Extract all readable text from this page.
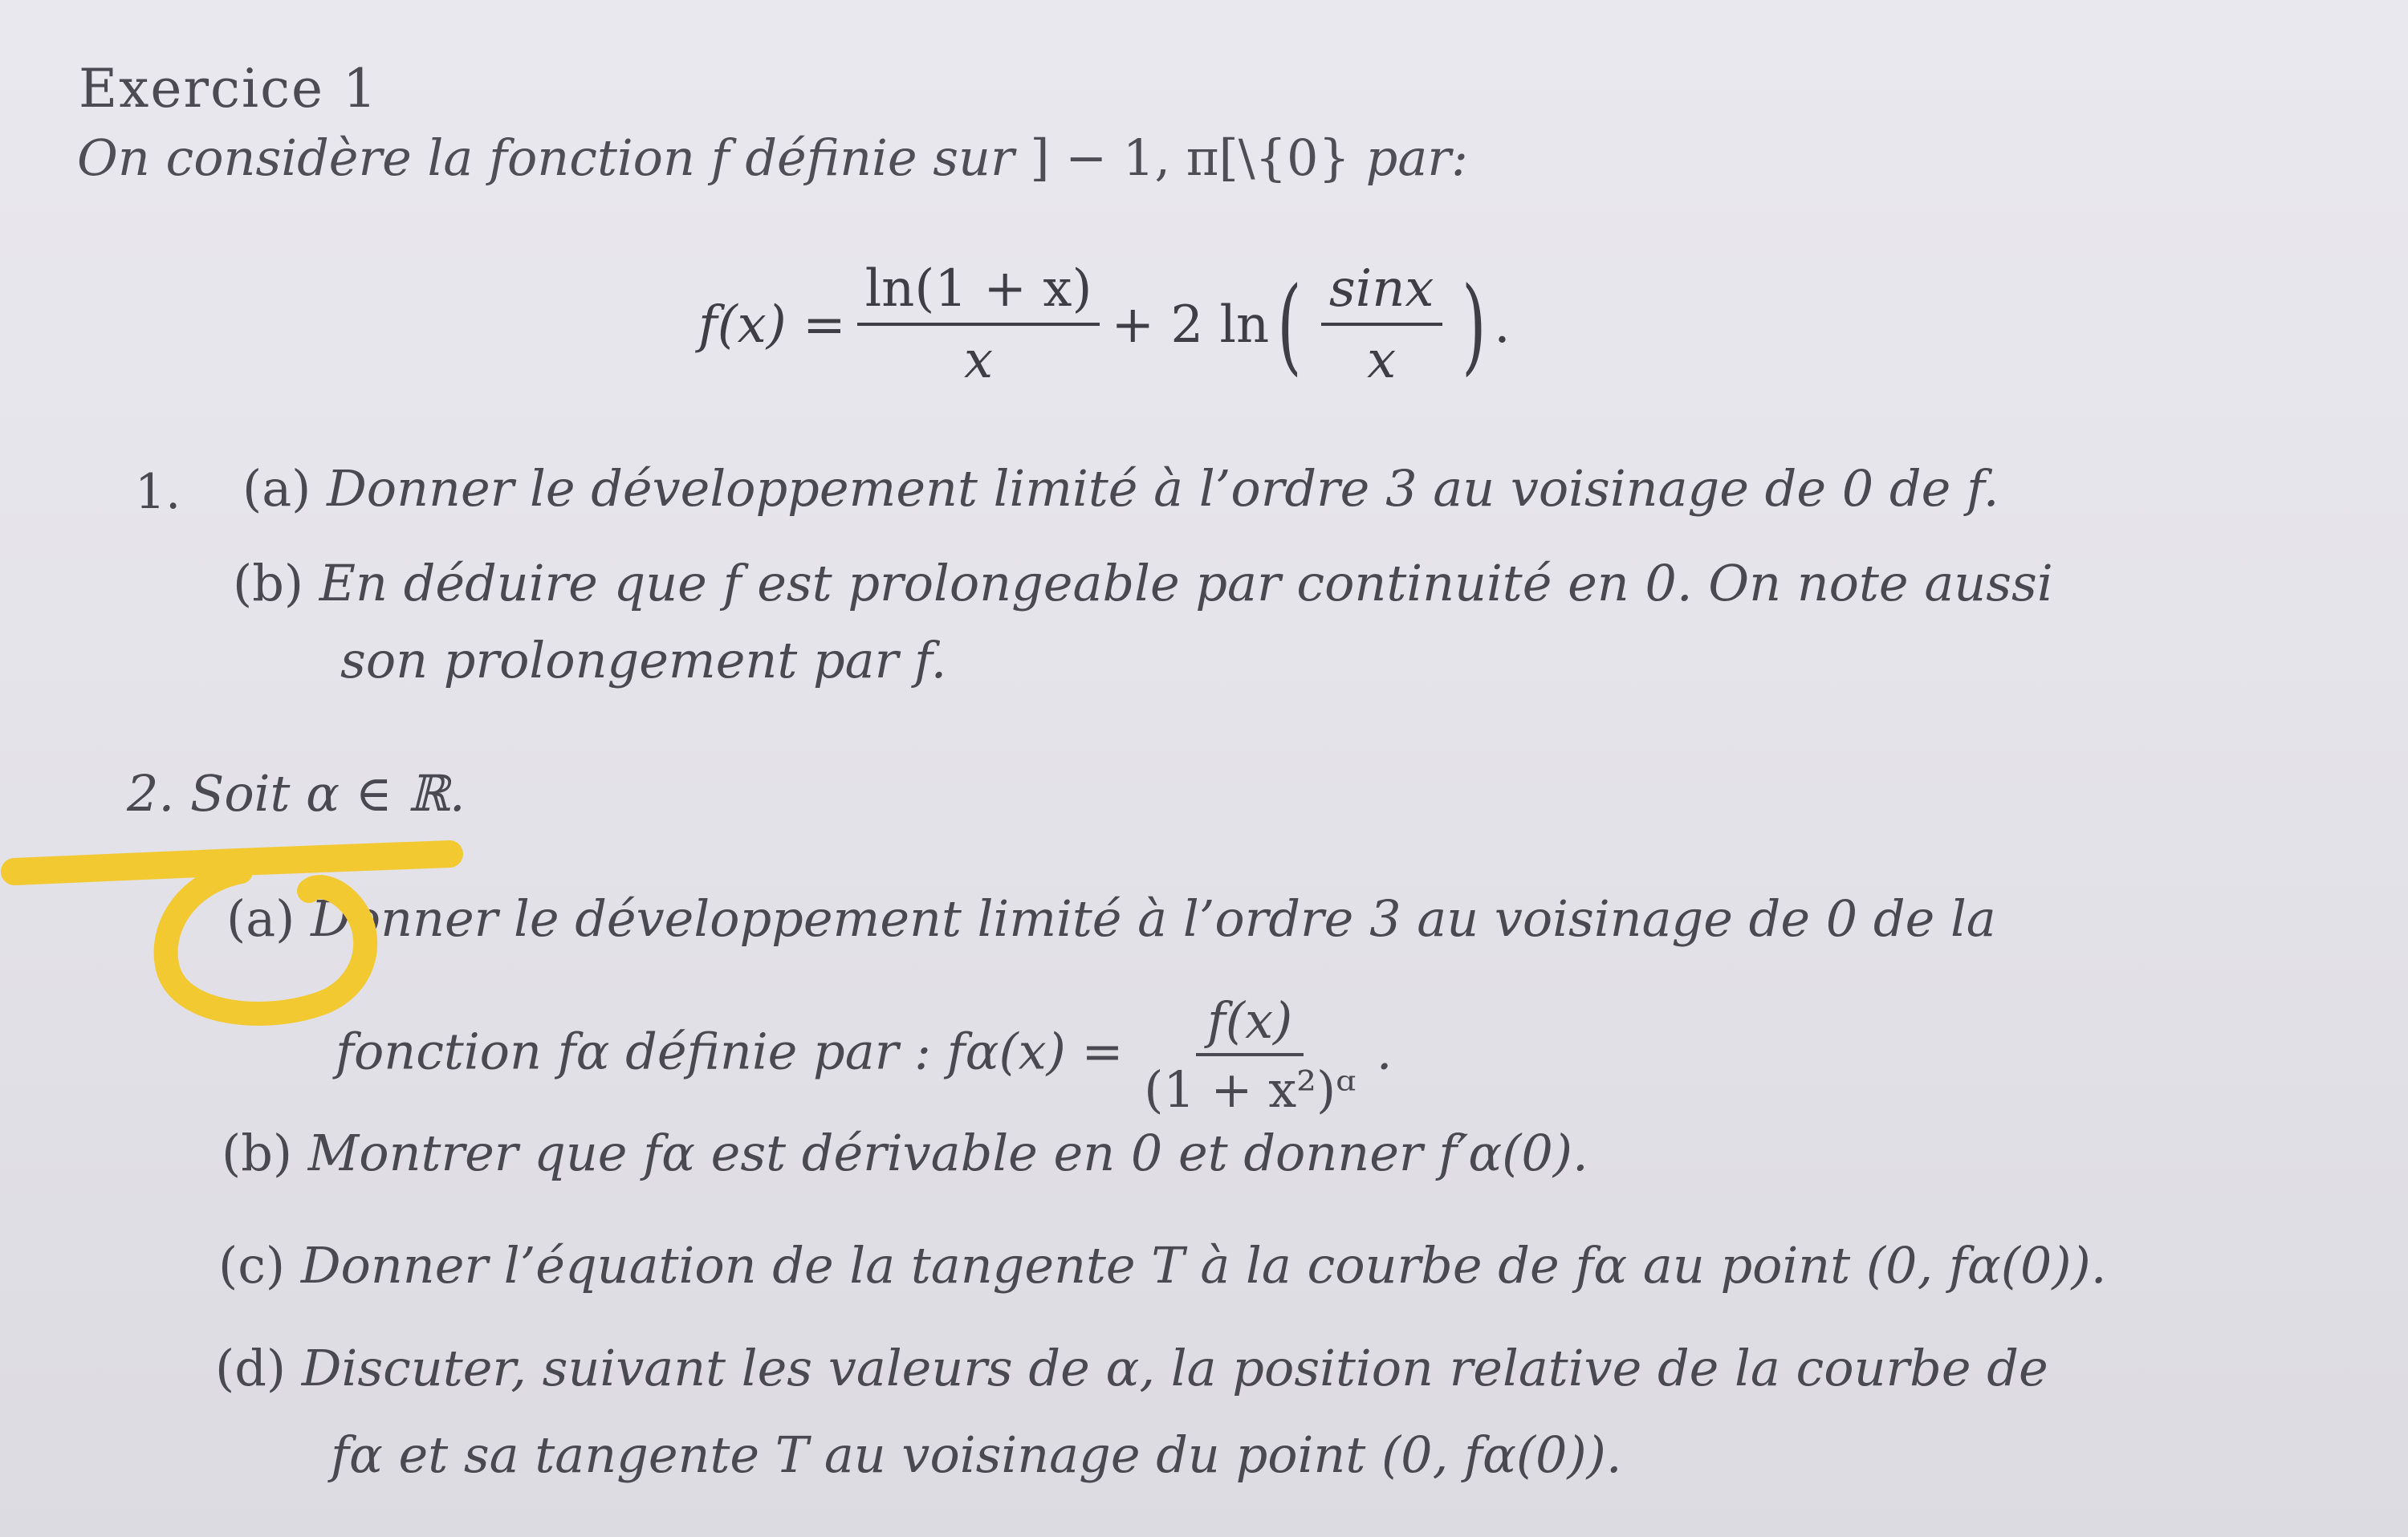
Exercice 1
On considère la fonction f définie sur ] − 1, π[\{0} par:
$f(x) = \frac{\ln(1 + x)}{x} + 2$ ln ( $\frac{\sin x}{x}$ ) .
1. (a) Donner le développement limité à l’ordre 3 au voisinage de 0 de f.
(b) En déduire que f est prolongeable par continuité en 0. On note aussi
son prolongement par f.
2. Soit α ∈ ℝ.
(a) Donner le développement limité à l’ordre 3 au voisinage de 0 de la
fonction fα définie par : $f\alpha(x) = \frac{f(x)}{\text{(1 + x²)ᵅ}}$ .
(b) Montrer que fα est dérivable en 0 et donner f′α(0).
(c) Donner l’équation de la tangente T à la courbe de fα au point (0, fα(0)).
(d) Discuter, suivant les valeurs de α, la position relative de la courbe de
fα et sa tangente T au voisinage du point (0, fα(0)).
